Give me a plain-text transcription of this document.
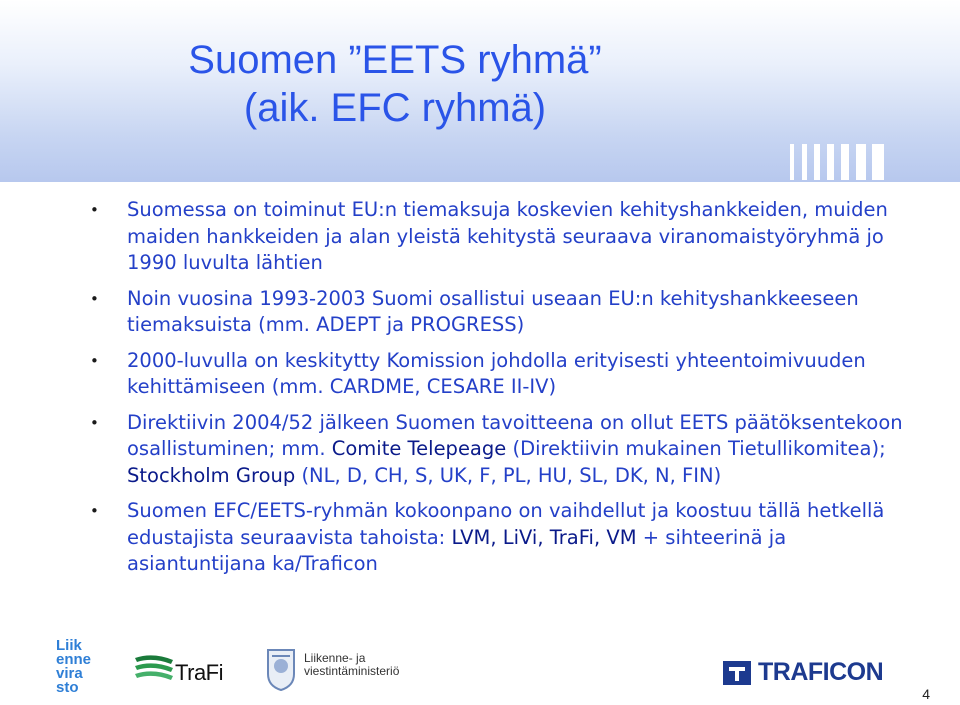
Suomen ”EETS ryhmä”
(aik. EFC ryhmä)
• Suomessa on toiminut EU:n tiemaksuja koskevien kehityshankkeiden, muiden maiden hankkeiden ja alan yleistä kehitystä seuraava viranomaistyöryhmä jo 1990 luvulta lähtien
• Noin vuosina 1993-2003 Suomi osallistui useaan EU:n kehityshankkeeseen tiemaksuista (mm. ADEPT ja PROGRESS)
• 2000-luvulla on keskitytty Komission johdolla erityisesti yhteentoimivuuden kehittämiseen (mm. CARDME, CESARE II-IV)
• Direktiivin 2004/52 jälkeen Suomen tavoitteena on ollut EETS päätöksentekoon osallistuminen; mm. Comite Telepeage (Direktiivin mukainen Tietullikomitea); Stockholm Group (NL, D, CH, S, UK, F, PL, HU, SL, DK, N, FIN)
• Suomen EFC/EETS-ryhmän kokoonpano on vaihdellut ja koostuu tällä hetkellä edustajista seuraavista tahoista: LVM, LiVi, TraFi, VM + sihteerinä ja asiantuntijana ka/Traficon
Liik
enne
vira
sto
TraFi
Liikenne- ja
viestintäministeriö	TRAFICON
4
